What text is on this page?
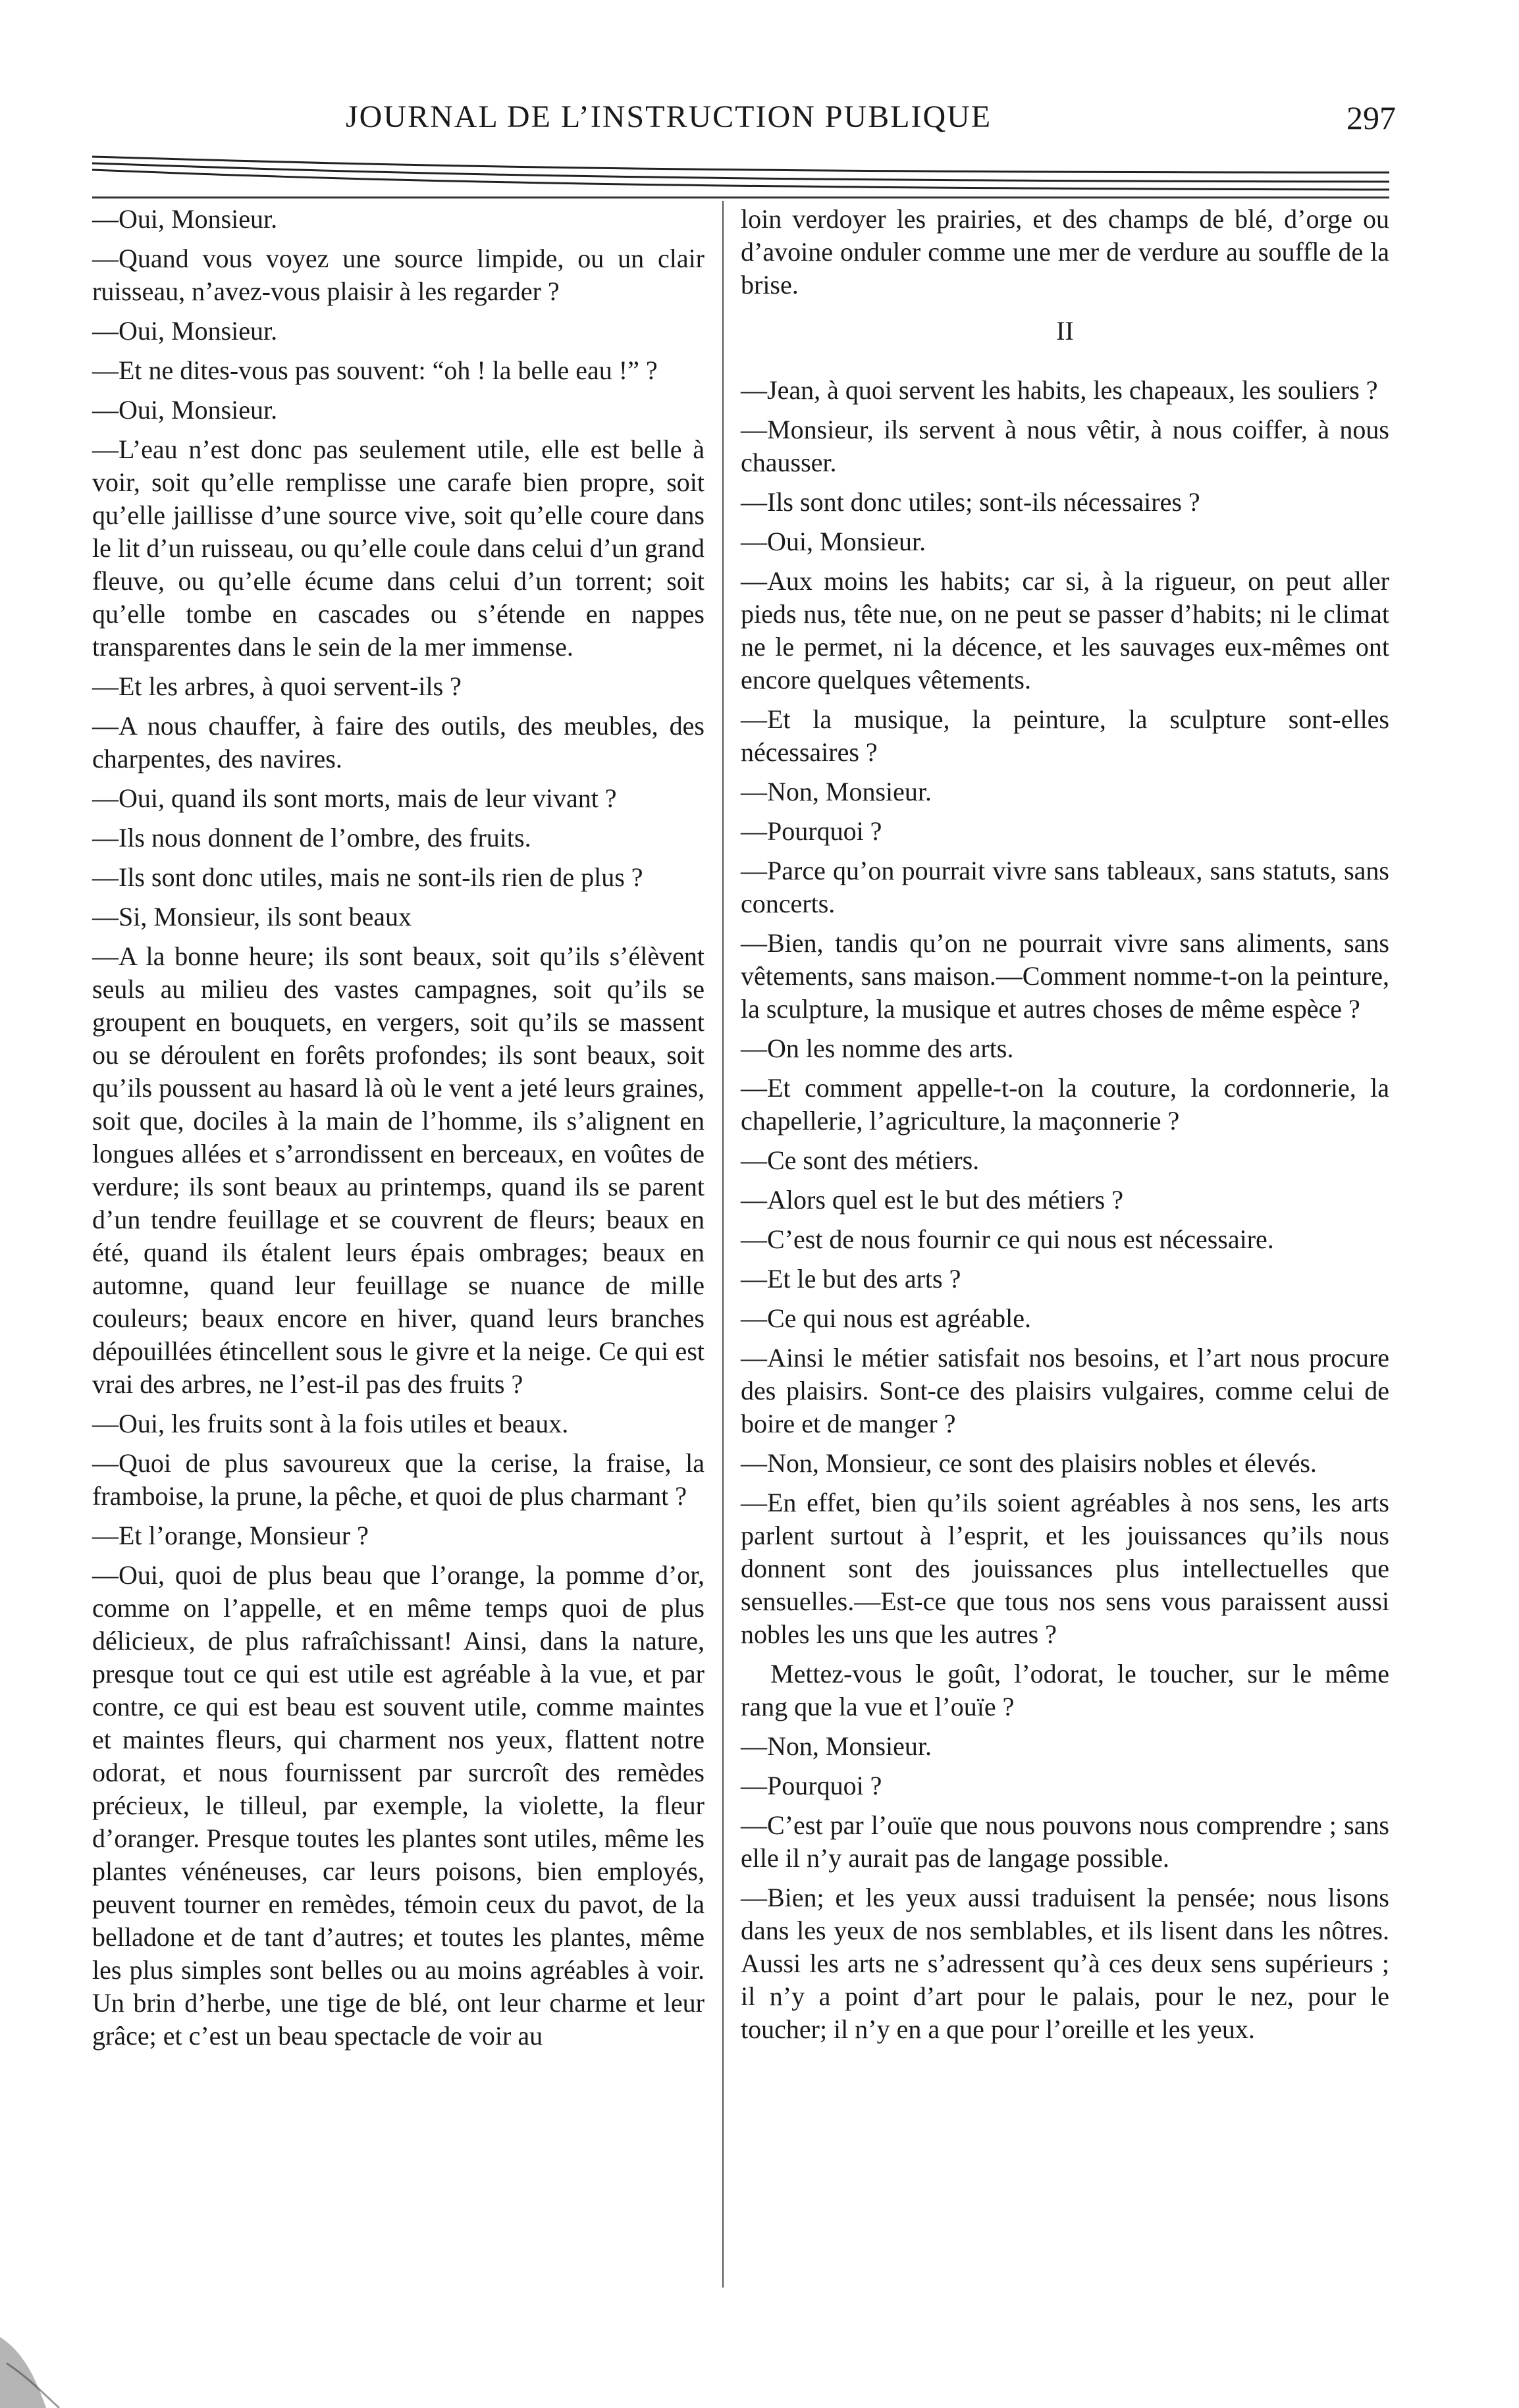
JOURNAL DE L’INSTRUCTION PUBLIQUE	297

—Oui, Monsieur.

—Quand vous voyez une source limpide, ou un clair ruisseau, n’avez-vous plaisir à les regarder ?

—Oui, Monsieur.

—Et ne dites-vous pas souvent: “oh ! la belle eau !” ?

—Oui, Monsieur.

—L’eau n’est donc pas seulement utile, elle est belle à voir, soit qu’elle remplisse une carafe bien propre, soit qu’elle jaillisse d’une source vive, soit qu’elle coure dans le lit d’un ruisseau, ou qu’elle coule dans celui d’un grand fleuve, ou qu’elle écume dans celui d’un torrent; soit qu’elle tombe en cascades ou s’étende en nappes transparentes dans le sein de la mer immense.

—Et les arbres, à quoi servent-ils ?

—A nous chauffer, à faire des outils, des meubles, des charpentes, des navires.

—Oui, quand ils sont morts, mais de leur vivant ?

—Ils nous donnent de l’ombre, des fruits.

—Ils sont donc utiles, mais ne sont-ils rien de plus ?

—Si, Monsieur, ils sont beaux

—A la bonne heure; ils sont beaux, soit qu’ils s’élèvent seuls au milieu des vastes campagnes, soit qu’ils se groupent en bouquets, en vergers, soit qu’ils se massent ou se déroulent en forêts profondes; ils sont beaux, soit qu’ils poussent au hasard là où le vent a jeté leurs graines, soit que, dociles à la main de l’homme, ils s’alignent en longues allées et s’arrondissent en berceaux, en voûtes de verdure; ils sont beaux au printemps, quand ils se parent d’un tendre feuillage et se couvrent de fleurs; beaux en été, quand ils étalent leurs épais ombrages; beaux en automne, quand leur feuillage se nuance de mille couleurs; beaux encore en hiver, quand leurs branches dépouillées étincellent sous le givre et la neige. Ce qui est vrai des arbres, ne l’est-il pas des fruits ?

—Oui, les fruits sont à la fois utiles et beaux.

—Quoi de plus savoureux que la cerise, la fraise, la framboise, la prune, la pêche, et quoi de plus charmant ?

—Et l’orange, Monsieur ?

—Oui, quoi de plus beau que l’orange, la pomme d’or, comme on l’appelle, et en même temps quoi de plus délicieux, de plus rafraîchissant! Ainsi, dans la nature, presque tout ce qui est utile est agréable à la vue, et par contre, ce qui est beau est souvent utile, comme maintes et maintes fleurs, qui charment nos yeux, flattent notre odorat, et nous fournissent par surcroît des remèdes précieux, le tilleul, par exemple, la violette, la fleur d’oranger. Presque toutes les plantes sont utiles, même les plantes vénéneuses, car leurs poisons, bien employés, peuvent tourner en remèdes, témoin ceux du pavot, de la belladone et de tant d’autres; et toutes les plantes, même les plus simples sont belles ou au moins agréables à voir. Un brin d’herbe, une tige de blé, ont leur charme et leur grâce; et c’est un beau spectacle de voir au

loin verdoyer les prairies, et des champs de blé, d’orge ou d’avoine onduler comme une mer de verdure au souffle de la brise.

II

—Jean, à quoi servent les habits, les chapeaux, les souliers ?

—Monsieur, ils servent à nous vêtir, à nous coiffer, à nous chausser.

—Ils sont donc utiles; sont-ils nécessaires ?

—Oui, Monsieur.

—Aux moins les habits; car si, à la rigueur, on peut aller pieds nus, tête nue, on ne peut se passer d’habits; ni le climat ne le permet, ni la décence, et les sauvages eux-mêmes ont encore quelques vêtements.

—Et la musique, la peinture, la sculpture sont-elles nécessaires ?

—Non, Monsieur.

—Pourquoi ?

—Parce qu’on pourrait vivre sans tableaux, sans statuts, sans concerts.

—Bien, tandis qu’on ne pourrait vivre sans aliments, sans vêtements, sans maison.—Comment nomme-t-on la peinture, la sculpture, la musique et autres choses de même espèce ?

—On les nomme des arts.

—Et comment appelle-t-on la couture, la cordonnerie, la chapellerie, l’agriculture, la maçonnerie ?

—Ce sont des métiers.

—Alors quel est le but des métiers ?

—C’est de nous fournir ce qui nous est nécessaire.

—Et le but des arts ?

—Ce qui nous est agréable.

—Ainsi le métier satisfait nos besoins, et l’art nous procure des plaisirs. Sont-ce des plaisirs vulgaires, comme celui de boire et de manger ?

—Non, Monsieur, ce sont des plaisirs nobles et élevés.

—En effet, bien qu’ils soient agréables à nos sens, les arts parlent surtout à l’esprit, et les jouissances qu’ils nous donnent sont des jouissances plus intellectuelles que sensuelles.—Est-ce que tous nos sens vous paraissent aussi nobles les uns que les autres ?

Mettez-vous le goût, l’odorat, le toucher, sur le même rang que la vue et l’ouïe ?

—Non, Monsieur.

—Pourquoi ?

—C’est par l’ouïe que nous pouvons nous comprendre ; sans elle il n’y aurait pas de langage possible.

—Bien; et les yeux aussi traduisent la pensée; nous lisons dans les yeux de nos semblables, et ils lisent dans les nôtres. Aussi les arts ne s’adressent qu’à ces deux sens supérieurs ; il n’y a point d’art pour le palais, pour le nez, pour le toucher; il n’y en a que pour l’oreille et les yeux.
